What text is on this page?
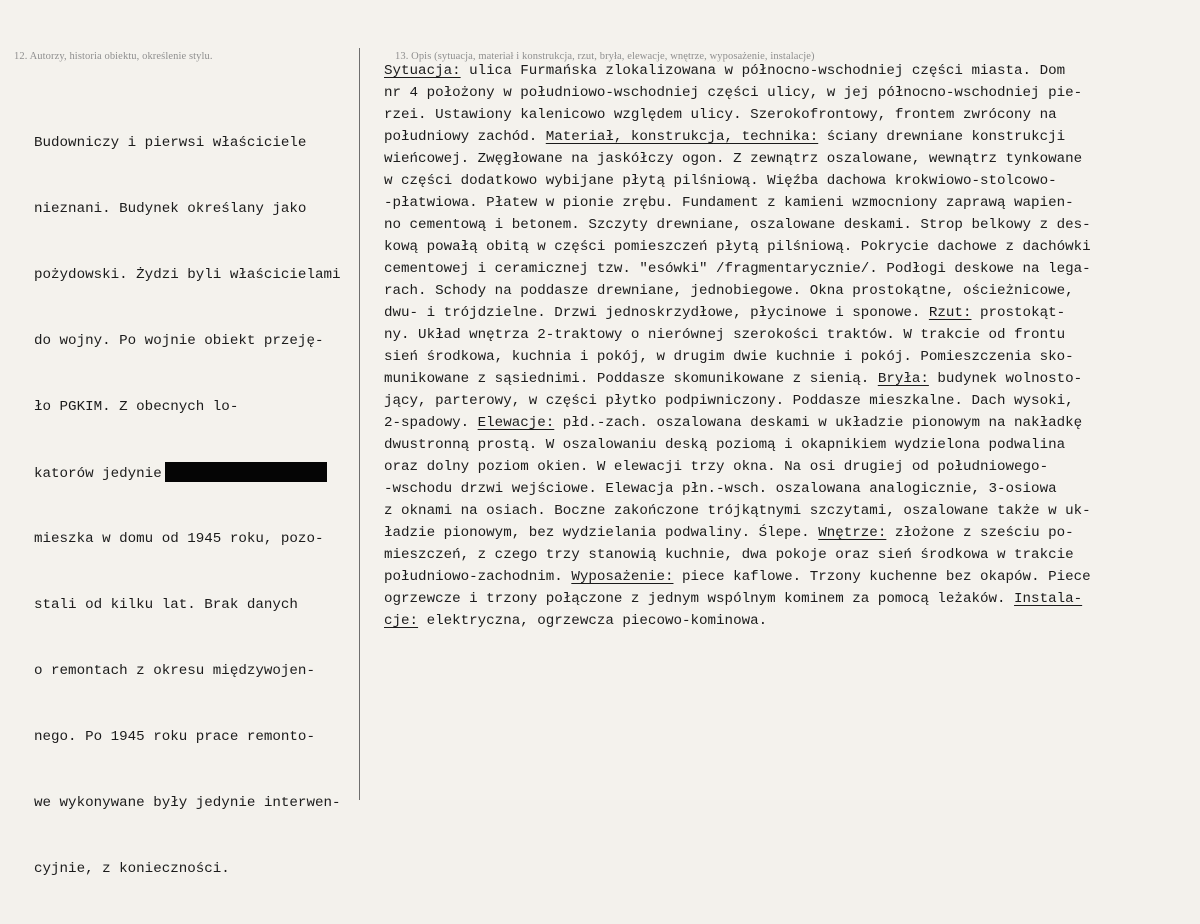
12. Autorzy, historia obiektu, określenie stylu.	13. Opis (sytuacja, materiał i konstrukcja, rzut, bryła, elewacje, wnętrze, wyposażenie, instalacje)

Budowniczy i pierwsi właściciele

nieznani. Budynek określany jako

pożydowski. Żydzi byli właścicielami

do wojny. Po wojnie obiekt przeję-

ło PGKIM. Z obecnych lo-

katorów jedynie

mieszka w domu od 1945 roku, pozo-

stali od kilku lat. Brak danych

o remontach z okresu międzywojen-

nego. Po 1945 roku prace remonto-

we wykonywane były jedynie interwen-

cyjnie, z konieczności.

Sytuacja: ulica Furmańska zlokalizowana w północno-wschodniej części miasta. Dom
nr 4 położony w południowo-wschodniej części ulicy, w jej północno-wschodniej pie-
rzei. Ustawiony kalenicowo względem ulicy. Szerokofrontowy, frontem zwrócony na
południowy zachód. Materiał, konstrukcja, technika: ściany drewniane konstrukcji
wieńcowej. Zwęgłowane na jaskółczy ogon. Z zewnątrz oszalowane, wewnątrz tynkowane
w części dodatkowo wybijane płytą pilśniową. Więźba dachowa krokwiowo-stolcowo-
-płatwiowa. Płatew w pionie zrębu. Fundament z kamieni wzmocniony zaprawą wapien-
no cementową i betonem. Szczyty drewniane, oszalowane deskami. Strop belkowy z des-
kową powałą obitą w części pomieszczeń płytą pilśniową. Pokrycie dachowe z dachówki
cementowej i ceramicznej tzw. "esówki" /fragmentarycznie/. Podłogi deskowe na lega-
rach. Schody na poddasze drewniane, jednobiegowe. Okna prostokątne, ościeżnicowe,
dwu- i trójdzielne. Drzwi jednoskrzydłowe, płycinowe i sponowe. Rzut: prostokąt-
ny. Układ wnętrza 2-traktowy o nierównej szerokości traktów. W trakcie od frontu
sień środkowa, kuchnia i pokój, w drugim dwie kuchnie i pokój. Pomieszczenia sko-
munikowane z sąsiednimi. Poddasze skomunikowane z sienią. Bryła: budynek wolnosto-
jący, parterowy, w części płytko podpiwniczony. Poddasze mieszkalne. Dach wysoki,
2-spadowy. Elewacje: płd.-zach. oszalowana deskami w układzie pionowym na nakładkę
dwustronną prostą. W oszalowaniu deską poziomą i okapnikiem wydzielona podwalina
oraz dolny poziom okien. W elewacji trzy okna. Na osi drugiej od południowego-
-wschodu drzwi wejściowe. Elewacja płn.-wsch. oszalowana analogicznie, 3-osiowa
z oknami na osiach. Boczne zakończone trójkątnymi szczytami, oszalowane także w uk-
ładzie pionowym, bez wydzielania podwaliny. Ślepe. Wnętrze: złożone z sześciu po-
mieszczeń, z czego trzy stanowią kuchnie, dwa pokoje oraz sień środkowa w trakcie
południowo-zachodnim. Wyposażenie: piece kaflowe. Trzony kuchenne bez okapów. Piece
ogrzewcze i trzony połączone z jednym wspólnym kominem za pomocą leżaków. Instala-
cje: elektryczna, ogrzewcza piecowo-kominowa.
